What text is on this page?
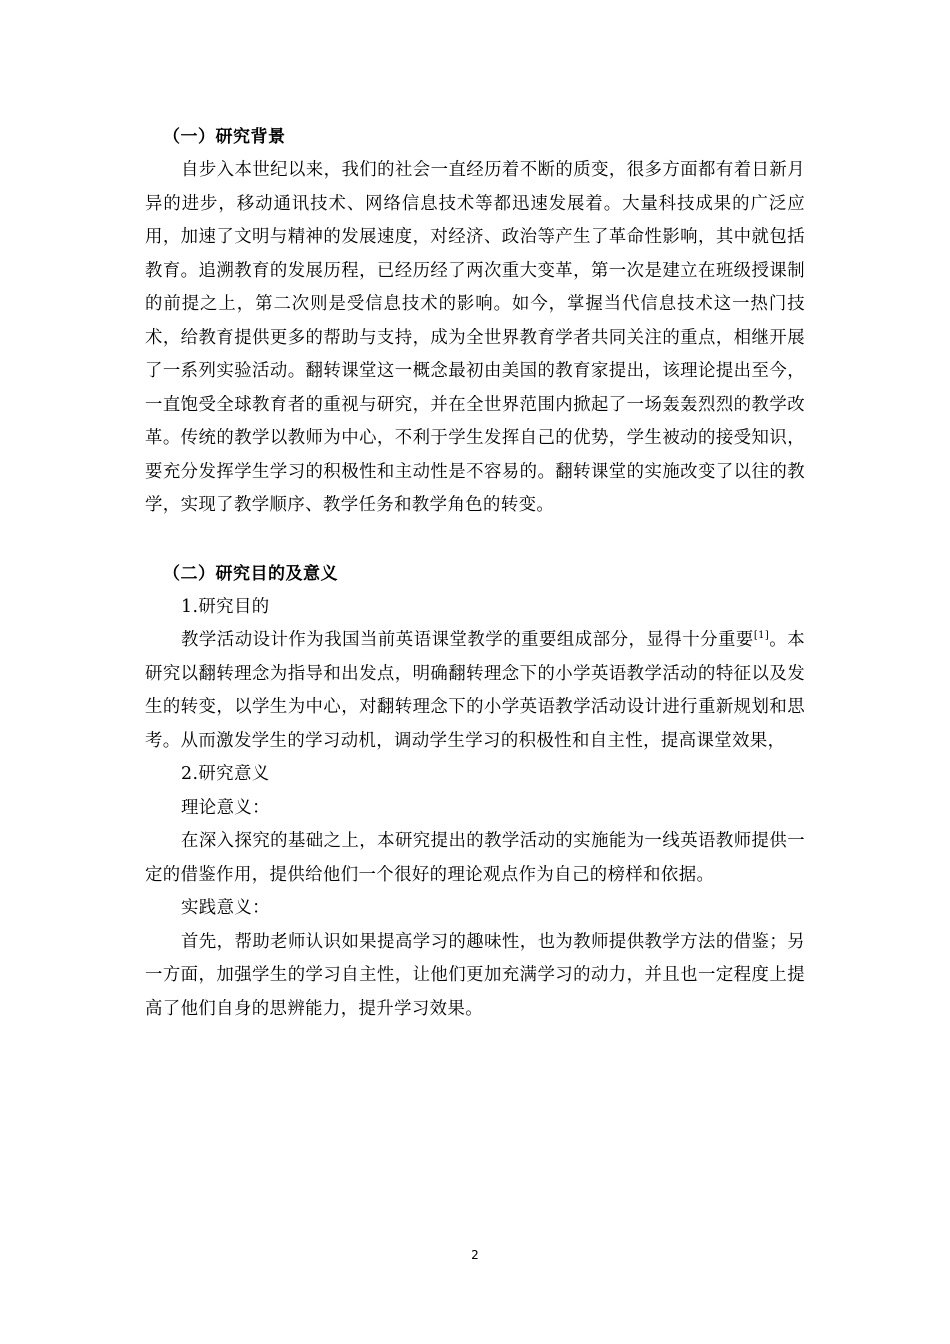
（一）研究背景

自步入本世纪以来，我们的社会一直经历着不断的质变，很多方面都有着日新月异的进步，移动通讯技术、网络信息技术等都迅速发展着。大量科技成果的广泛应用，加速了文明与精神的发展速度，对经济、政治等产生了革命性影响，其中就包括教育。追溯教育的发展历程，已经历经了两次重大变革，第一次是建立在班级授课制的前提之上，第二次则是受信息技术的影响。如今，掌握当代信息技术这一热门技术，给教育提供更多的帮助与支持，成为全世界教育学者共同关注的重点，相继开展了一系列实验活动。翻转课堂这一概念最初由美国的教育家提出，该理论提出至今，一直饱受全球教育者的重视与研究，并在全世界范围内掀起了一场轰轰烈烈的教学改革。传统的教学以教师为中心，不利于学生发挥自己的优势，学生被动的接受知识，要充分发挥学生学习的积极性和主动性是不容易的。翻转课堂的实施改变了以往的教学，实现了教学顺序、教学任务和教学角色的转变。

（二）研究目的及意义

1.研究目的

教学活动设计作为我国当前英语课堂教学的重要组成部分，显得十分重要[1]。本研究以翻转理念为指导和出发点，明确翻转理念下的小学英语教学活动的特征以及发生的转变，以学生为中心，对翻转理念下的小学英语教学活动设计进行重新规划和思考。从而激发学生的学习动机，调动学生学习的积极性和自主性，提高课堂效果，

2.研究意义

理论意义：

在深入探究的基础之上，本研究提出的教学活动的实施能为一线英语教师提供一定的借鉴作用，提供给他们一个很好的理论观点作为自己的榜样和依据。

实践意义：

首先，帮助老师认识如果提高学习的趣味性，也为教师提供教学方法的借鉴；另一方面，加强学生的学习自主性，让他们更加充满学习的动力，并且也一定程度上提高了他们自身的思辨能力，提升学习效果。

2
